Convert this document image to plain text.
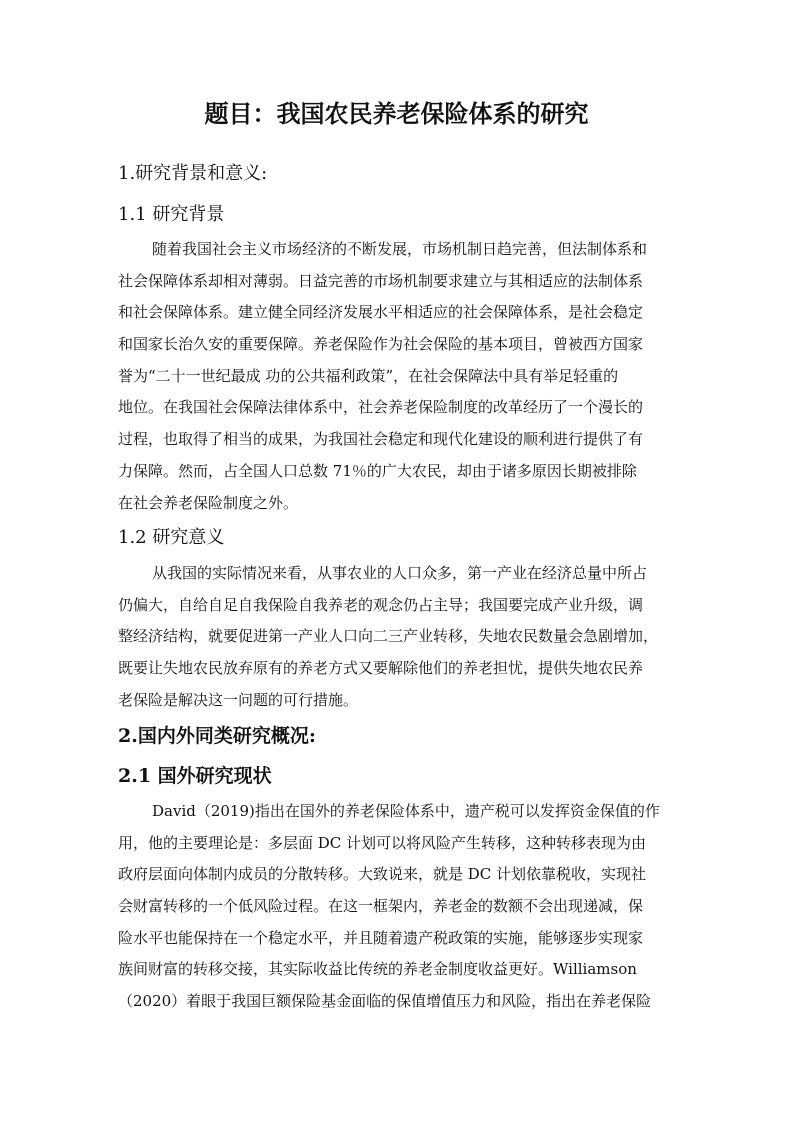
题目：我国农民养老保险体系的研究
1.研究背景和意义:
1.1 研究背景
随着我国社会主义市场经济的不断发展，市场机制日趋完善，但法制体系和
社会保障体系却相对薄弱。日益完善的市场机制要求建立与其相适应的法制体系
和社会保障体系。建立健全同经济发展水平相适应的社会保障体系，是社会稳定
和国家长治久安的重要保障。养老保险作为社会保险的基本项目，曾被西方国家
誉为“二十一世纪最成 功的公共福利政策”，在社会保障法中具有举足轻重的
地位。在我国社会保障法律体系中，社会养老保险制度的改革经历了一个漫长的
过程，也取得了相当的成果，为我国社会稳定和现代化建设的顺利进行提供了有
力保障。然而，占全国人口总数 71％的广大农民，却由于诸多原因长期被排除
在社会养老保险制度之外。
1.2 研究意义
从我国的实际情况来看，从事农业的人口众多，第一产业在经济总量中所占
仍偏大，自给自足自我保险自我养老的观念仍占主导；我国要完成产业升级，调
整经济结构，就要促进第一产业人口向二三产业转移，失地农民数量会急剧增加，
既要让失地农民放弃原有的养老方式又要解除他们的养老担忧，提供失地农民养
老保险是解决这一问题的可行措施。
2.国内外同类研究概况:
2.1 国外研究现状
David（2019)指出在国外的养老保险体系中，遗产税可以发挥资金保值的作
用，他的主要理论是：多层面 DC 计划可以将风险产生转移，这种转移表现为由
政府层面向体制内成员的分散转移。大致说来，就是 DC 计划依靠税收，实现社
会财富转移的一个低风险过程。在这一框架内，养老金的数额不会出现递减，保
险水平也能保持在一个稳定水平，并且随着遗产税政策的实施，能够逐步实现家
族间财富的转移交接，其实际收益比传统的养老金制度收益更好。Williamson
（2020）着眼于我国巨额保险基金面临的保值增值压力和风险，指出在养老保险
